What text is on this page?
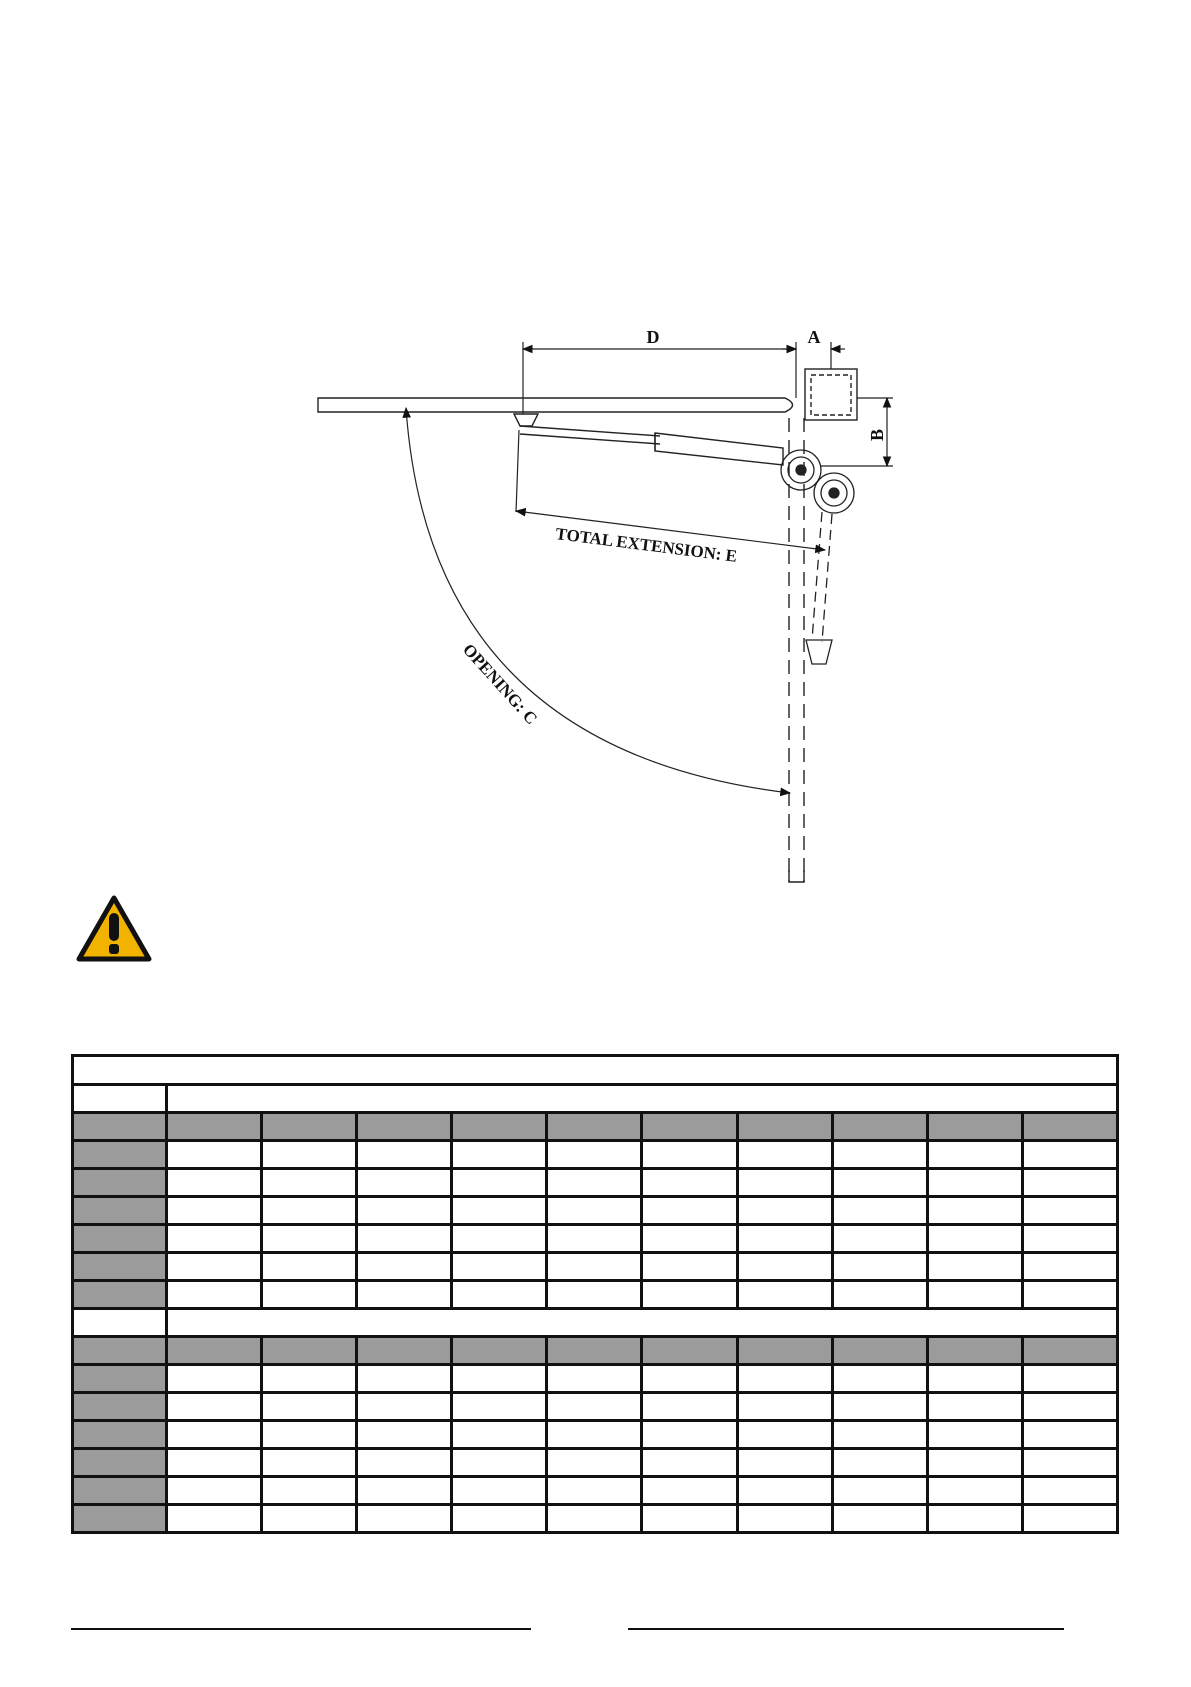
D	A
B
TOTAL EXTENSION: E
OPENING: C
